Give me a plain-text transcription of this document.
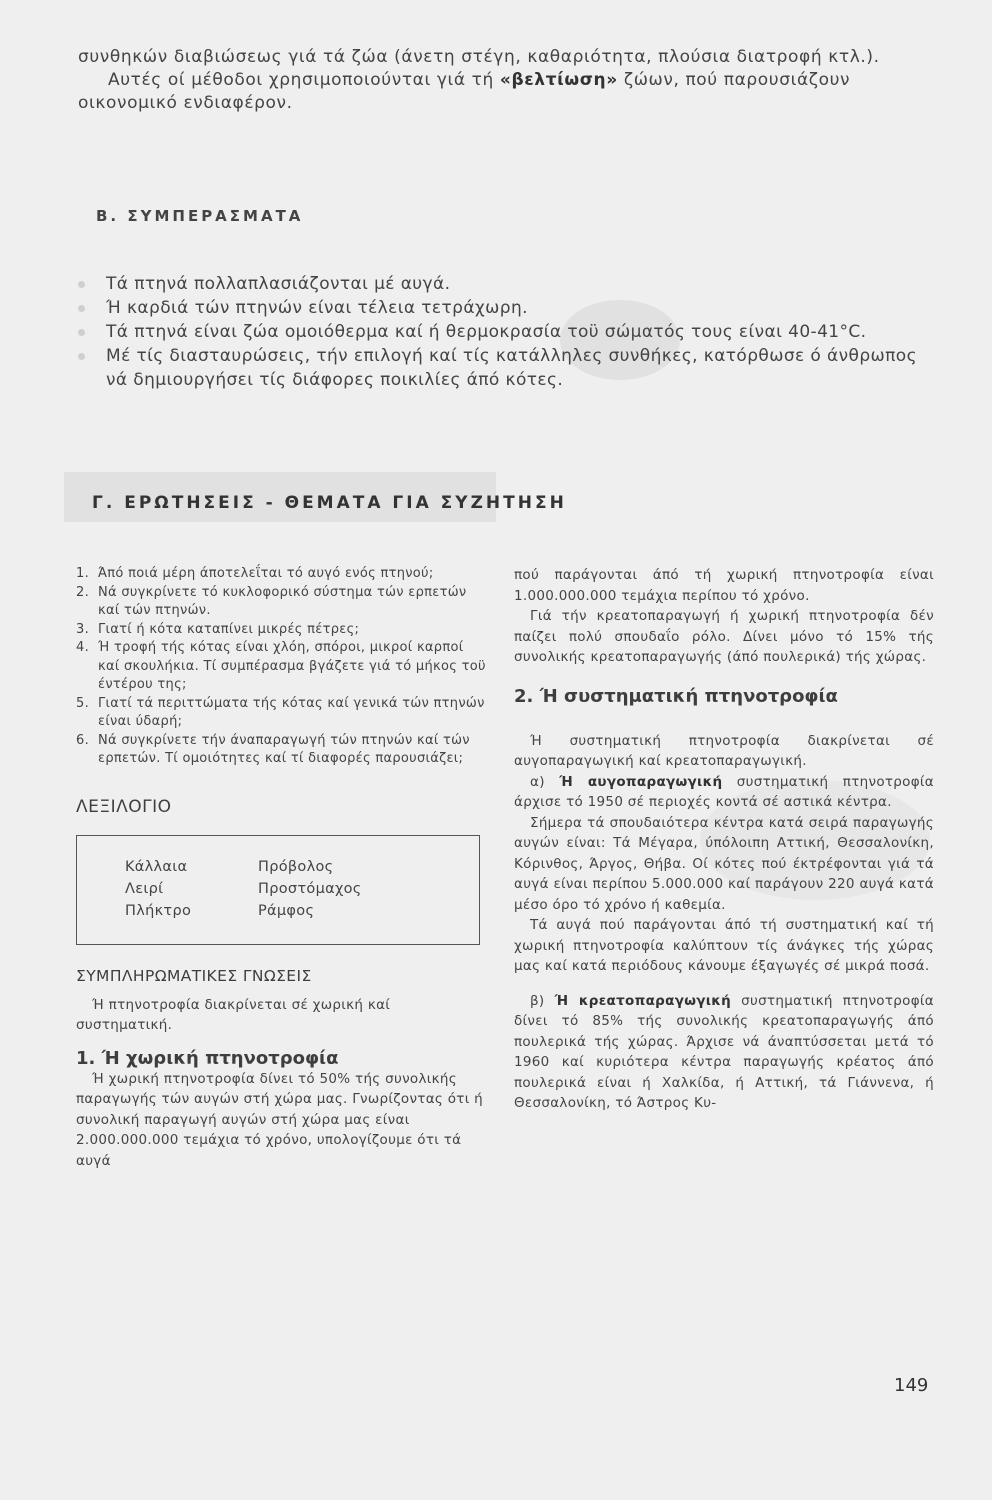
συνθηκών διαβιώσεως γιά τά ζώα (άνετη στέγη, καθαριότητα, πλούσια διατροφή κτλ.).

Αυτές οί μέθοδοι χρησιμοποιούνται γιά τή «βελτίωση» ζώων, πού παρουσιάζουν οικονομικό ενδιαφέρον.

Β. ΣΥΜΠΕΡΑΣΜΑΤΑ
Τά πτηνά πολλαπλασιάζονται μέ αυγά.
Ή καρδιά τών πτηνών είναι τέλεια τετράχωρη.
Τά πτηνά είναι ζώα ομοιόθερμα καί ή θερμοκρασία τοϋ σώματός τους είναι 40-41°C.
Μέ τίς διασταυρώσεις, τήν επιλογή καί τίς κατάλληλες συνθήκες, κατόρθωσε ό άνθρωπος νά δημιουργήσει τίς διάφορες ποικιλίες άπό κότες.
Γ. ΕΡΩΤΗΣΕΙΣ - ΘΕΜΑΤΑ ΓΙΑ ΣΥΖΗΤΗΣΗ
1. Άπό ποιά μέρη άποτελεΐται τό αυγό ενός πτηνού;
2. Νά συγκρίνετε τό κυκλοφορικό σύστημα τών ερπετών καί τών πτηνών.
3. Γιατί ή κότα καταπίνει μικρές πέτρες;
4. Ή τροφή τής κότας είναι χλόη, σπόροι, μικροί καρποί καί σκουλήκια. Τί συμπέρασμα βγάζετε γιά τό μήκος τοϋ έντέρου της;
5. Γιατί τά περιττώματα τής κότας καί γενικά τών πτηνών είναι ύδαρή;
6. Νά συγκρίνετε τήν άναπαραγωγή τών πτηνών καί τών ερπετών. Τί ομοιότητες καί τί διαφορές παρουσιάζει;
ΛΕΞΙΛΟΓΙΟ
Κάλλαια
Λειρί
Πλήκτρο
Πρόβολος
Προστόμαχος
Ράμφος
ΣΥΜΠΛΗΡΩΜΑΤΙΚΕΣ ΓΝΩΣΕΙΣ

Ή πτηνοτροφία διακρίνεται σέ χωρική καί συστηματική.

1. Ή χωρική πτηνοτροφία

Ή χωρική πτηνοτροφία δίνει τό 50% τής συνολικής παραγωγής τών αυγών στή χώρα μας. Γνωρίζοντας ότι ή συνολική παραγωγή αυγών στή χώρα μας είναι 2.000.000.000 τεμάχια τό χρόνο, υπολογίζουμε ότι τά αυγά

πού παράγονται άπό τή χωρική πτηνοτροφία είναι 1.000.000.000 τεμάχια περίπου τό χρόνο.

Γιά τήν κρεατοπαραγωγή ή χωρική πτηνοτροφία δέν παίζει πολύ σπουδαΐο ρόλο. Δίνει μόνο τό 15% τής συνολικής κρεατοπαραγωγής (άπό πουλερικά) τής χώρας.

2. Ή συστηματική πτηνοτροφία

Ή συστηματική πτηνοτροφία διακρίνεται σέ αυγοπαραγωγική καί κρεατοπαραγωγική.

α) Ή αυγοπαραγωγική συστηματική πτηνοτροφία άρχισε τό 1950 σέ περιοχές κοντά σέ αστικά κέντρα.

Σήμερα τά σπουδαιότερα κέντρα κατά σειρά παραγωγής αυγών είναι: Τά Μέγαρα, ύπόλοιπη Αττική, Θεσσαλονίκη, Κόρινθος, Άργος, Θήβα. Οί κότες πού έκτρέφονται γιά τά αυγά είναι περίπου 5.000.000 καί παράγουν 220 αυγά κατά μέσο όρο τό χρόνο ή καθεμία.

Τά αυγά πού παράγονται άπό τή συστηματική καί τή χωρική πτηνοτροφία καλύπτουν τίς άνάγκες τής χώρας μας καί κατά περιόδους κάνουμε έξαγωγές σέ μικρά ποσά.

β) Ή κρεατοπαραγωγική συστηματική πτηνοτροφία δίνει τό 85% τής συνολικής κρεατοπαραγωγής άπό πουλερικά τής χώρας. Άρχισε νά άναπτύσσεται μετά τό 1960 καί κυριότερα κέντρα παραγωγής κρέατος άπό πουλερικά είναι ή Χαλκίδα, ή Αττική, τά Γιάννενα, ή Θεσσαλονίκη, τό Άστρος Κυ-

149
